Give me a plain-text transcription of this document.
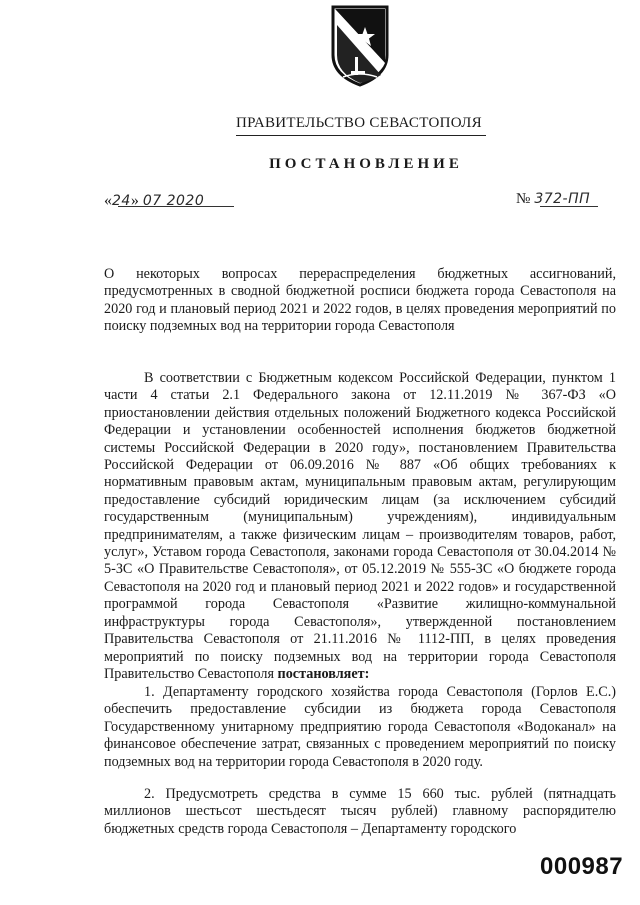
ПРАВИТЕЛЬСТВО СЕВАСТОПОЛЯ
ПОСТАНОВЛЕНИЕ
«24» 07 2020	№ 372-ПП
О некоторых вопросах перераспределения бюджетных ассигнований, предусмотренных в сводной бюджетной росписи бюджета города Севастополя на 2020 год и плановый период 2021 и 2022 годов, в целях проведения мероприятий по поиску подземных вод на территории города Севастополя
В соответствии с Бюджетным кодексом Российской Федерации, пунктом 1 части 4 статьи 2.1 Федерального закона от 12.11.2019 № 367-ФЗ «О приостановлении действия отдельных положений Бюджетного кодекса Российской Федерации и установлении особенностей исполнения бюджетов бюджетной системы Российской Федерации в 2020 году», постановлением Правительства Российской Федерации от 06.09.2016 № 887 «Об общих требованиях к нормативным правовым актам, муниципальным правовым актам, регулирующим предоставление субсидий юридическим лицам (за исключением субсидий государственным (муниципальным) учреждениям), индивидуальным предпринимателям, а также физическим лицам – производителям товаров, работ, услуг», Уставом города Севастополя, законами города Севастополя от 30.04.2014 № 5-ЗС «О Правительстве Севастополя», от 05.12.2019 № 555-ЗС «О бюджете города Севастополя на 2020 год и плановый период 2021 и 2022 годов» и государственной программой города Севастополя «Развитие жилищно-коммунальной инфраструктуры города Севастополя», утвержденной постановлением Правительства Севастополя от 21.11.2016 № 1112-ПП, в целях проведения мероприятий по поиску подземных вод на территории города Севастополя Правительство Севастополя постановляет:
1. Департаменту городского хозяйства города Севастополя (Горлов Е.С.) обеспечить предоставление субсидии из бюджета города Севастополя Государственному унитарному предприятию города Севастополя «Водоканал» на финансовое обеспечение затрат, связанных с проведением мероприятий по поиску подземных вод на территории города Севастополя в 2020 году.
2. Предусмотреть средства в сумме 15 660 тыс. рублей (пятнадцать миллионов шестьсот шестьдесят тысяч рублей) главному распорядителю бюджетных средств города Севастополя – Департаменту городского
000987
